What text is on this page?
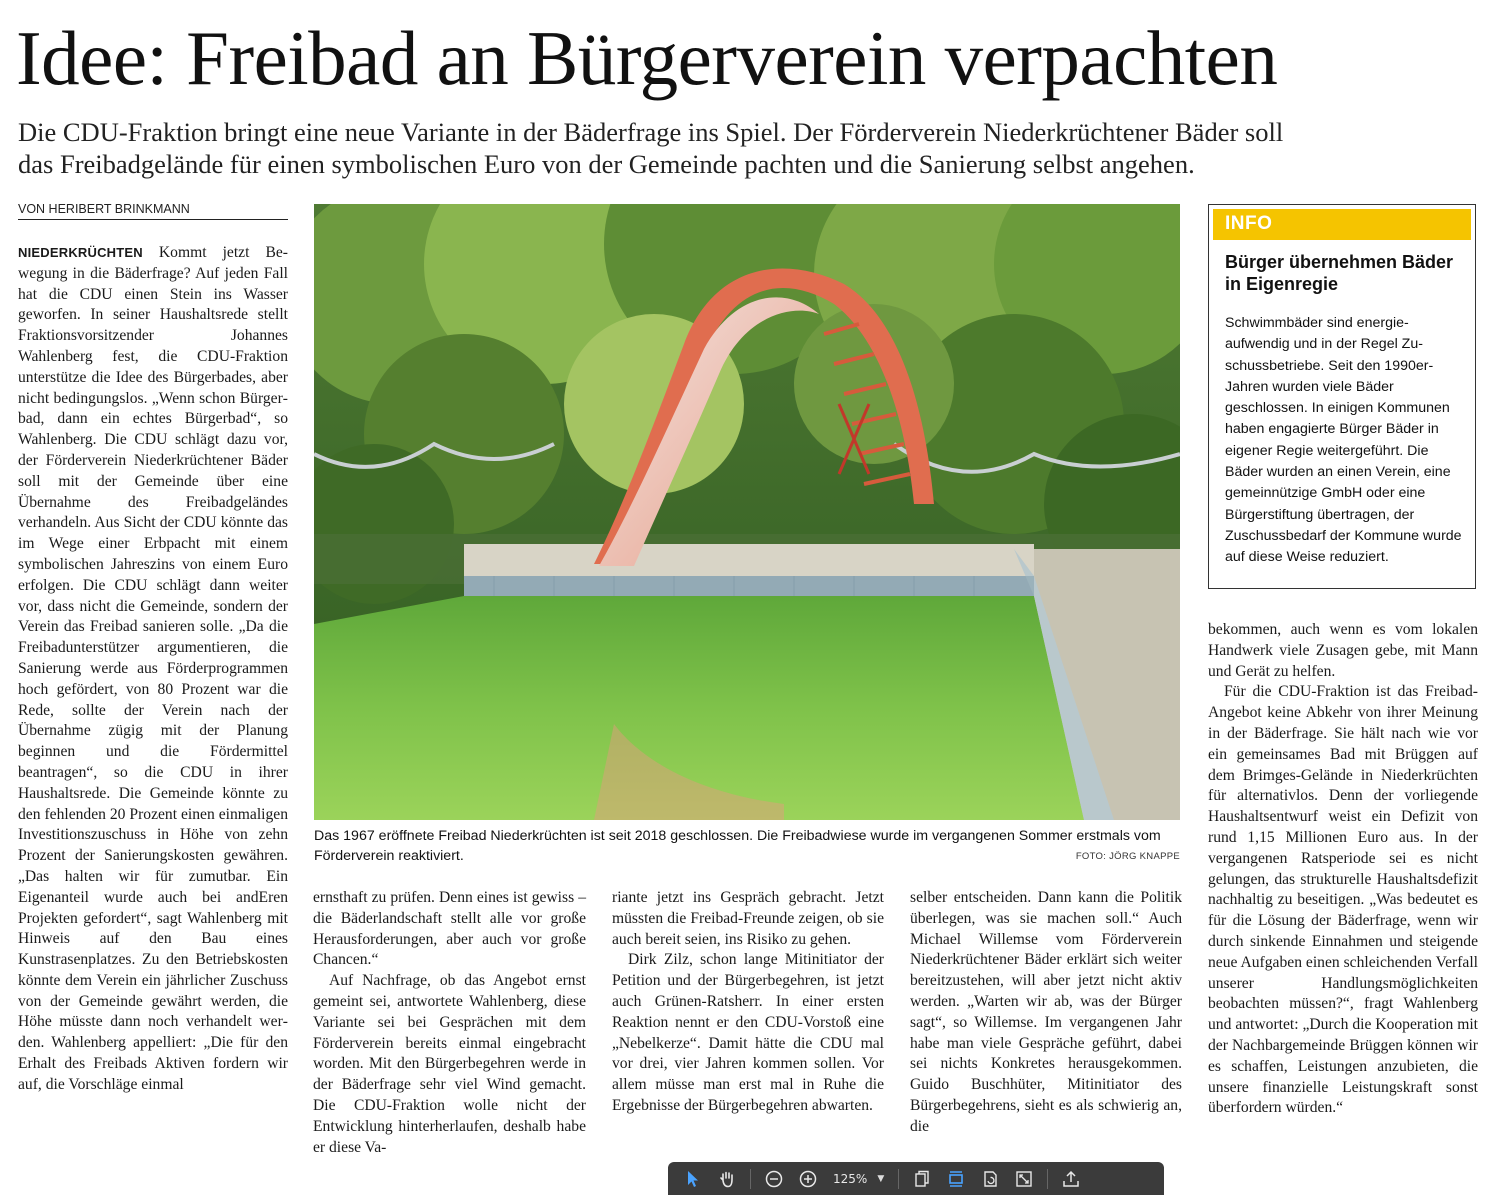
Idee: Freibad an Bürgerverein verpachten
Die CDU-Fraktion bringt eine neue Variante in der Bäderfrage ins Spiel. Der Förderverein Niederkrüchtener Bäder soll
das Freibadgelände für einen symbolischen Euro von der Gemeinde pachten und die Sanierung selbst angehen.
VON HERIBERT BRINKMANN

NIEDERKRÜCHTEN Kommt jetzt Bewegung in die Bäderfrage? Auf jeden Fall hat die CDU einen Stein ins Wasser geworfen. In seiner Haushaltsrede stellt Fraktionsvorsitzender Johannes Wahlenberg fest, die CDU-Fraktion unterstütze die Idee des Bürgerbades, aber nicht bedingungslos. „Wenn schon Bürgerbad, dann ein echtes Bürgerbad“, so Wahlenberg. Die CDU schlägt dazu vor, der Förderverein Niederkrüchtener Bäder soll mit der Gemeinde über eine Übernahme des Freibadgeländes verhandeln. Aus Sicht der CDU könnte das im Wege einer Erbpacht mit einem symbolischen Jahreszins von einem Euro erfolgen. Die CDU schlägt dann weiter vor, dass nicht die Gemeinde, sondern der Verein das Freibad sanieren solle. „Da die Freibadunterstützer argumentieren, die Sanierung werde aus Förderprogrammen hoch gefördert, von 80 Prozent war die Rede, sollte der Verein nach der Übernahme zügig mit der Planung beginnen und die Fördermittel beantragen“, so die CDU in ihrer Haushaltsrede. Die Gemeinde könnte zu den fehlenden 20 Prozent einen einmaligen Investitionszuschuss in Höhe von zehn Prozent der Sanierungskosten gewähren. „Das halten wir für zumutbar. Ein Eigenanteil wurde auch bei andEren Projekten gefordert“, sagt Wahlenberg mit Hinweis auf den Bau eines Kunstrasenplatzes. Zu den Betriebskosten könnte dem Verein ein jährlicher Zuschuss von der Gemeinde gewährt werden, die Höhe müsste dann noch verhandelt werden. Wahlenberg appelliert: „Die für den Erhalt des Freibads Aktiven fordern wir auf, die Vorschläge einmal

Das 1967 eröffnete Freibad Niederkrüchten ist seit 2018 geschlossen. Die Freibadwiese wurde im vergangenen Sommer erstmals vom Förderverein reaktiviert.	FOTO: JÖRG KNAPPE
INFO
Bürger übernehmen Bäder in Eigenregie

Schwimmbäder sind energieaufwendig und in der Regel Zuschussbetriebe. Seit den 1990er-Jahren wurden viele Bäder geschlossen. In einigen Kommunen haben engagierte Bürger Bäder in eigener Regie weitergeführt. Die Bäder wurden an einen Verein, eine gemeinnützige GmbH oder eine Bürgerstiftung übertragen, der Zuschussbedarf der Kommune wurde auf diese Weise reduziert.

ernsthaft zu prüfen. Denn eines ist gewiss – die Bäderlandschaft stellt alle vor große Herausforderungen, aber auch vor große Chancen.“

Auf Nachfrage, ob das Angebot ernst gemeint sei, antwortete Wahlenberg, diese Variante sei bei Gesprächen mit dem Förderverein bereits einmal eingebracht worden. Mit den Bürgerbegehren werde in der Bäderfrage sehr viel Wind gemacht. Die CDU-Fraktion wolle nicht der Entwicklung hinterherlaufen, deshalb habe er diese Va-

riante jetzt ins Gespräch gebracht. Jetzt müssten die Freibad-Freunde zeigen, ob sie auch bereit seien, ins Risiko zu gehen.

Dirk Zilz, schon lange Mitinitiator der Petition und der Bürgerbegehren, ist jetzt auch Grünen-Ratsherr. In einer ersten Reaktion nennt er den CDU-Vorstoß eine „Nebelkerze“. Damit hätte die CDU mal vor drei, vier Jahren kommen sollen. Vor allem müsse man erst mal in Ruhe die Ergebnisse der Bürgerbegehren abwarten.

selber entscheiden. Dann kann die Politik überlegen, was sie machen soll.“ Auch Michael Willemse vom Förderverein Niederkrüchtener Bäder erklärt sich weiter bereitzustehen, will aber jetzt nicht aktiv werden. „Warten wir ab, was der Bürger sagt“, so Willemse. Im vergangenen Jahr habe man viele Gespräche geführt, dabei sei nichts Konkretes herausgekommen. Guido Buschhüter, Mitinitiator des Bürgerbegehrens, sieht es als schwierig an, die

bekommen, auch wenn es vom lokalen Handwerk viele Zusagen gebe, mit Mann und Gerät zu helfen.

Für die CDU-Fraktion ist das Freibad-Angebot keine Abkehr von ihrer Meinung in der Bäderfrage. Sie hält nach wie vor ein gemeinsames Bad mit Brüggen auf dem Brimges-Gelände in Niederkrüchten für alternativlos. Denn der vorliegende Haushaltsentwurf weist ein Defizit von rund 1,15 Millionen Euro aus. In der vergangenen Ratsperiode sei es nicht gelungen, das strukturelle Haushaltsdefizit nachhaltig zu beseitigen. „Was bedeutet es für die Lösung der Bäderfrage, wenn wir durch sinkende Einnahmen und steigende neue Aufgaben einen schleichenden Verfall unserer Handlungsmöglichkeiten beobachten müssen?“, fragt Wahlenberg und antwortet: „Durch die Kooperation mit der Nachbargemeinde Brüggen können wir es schaffen, Leistungen anzubieten, die unsere finanzielle Leistungskraft sonst überfordern würden.“

125% ▼
